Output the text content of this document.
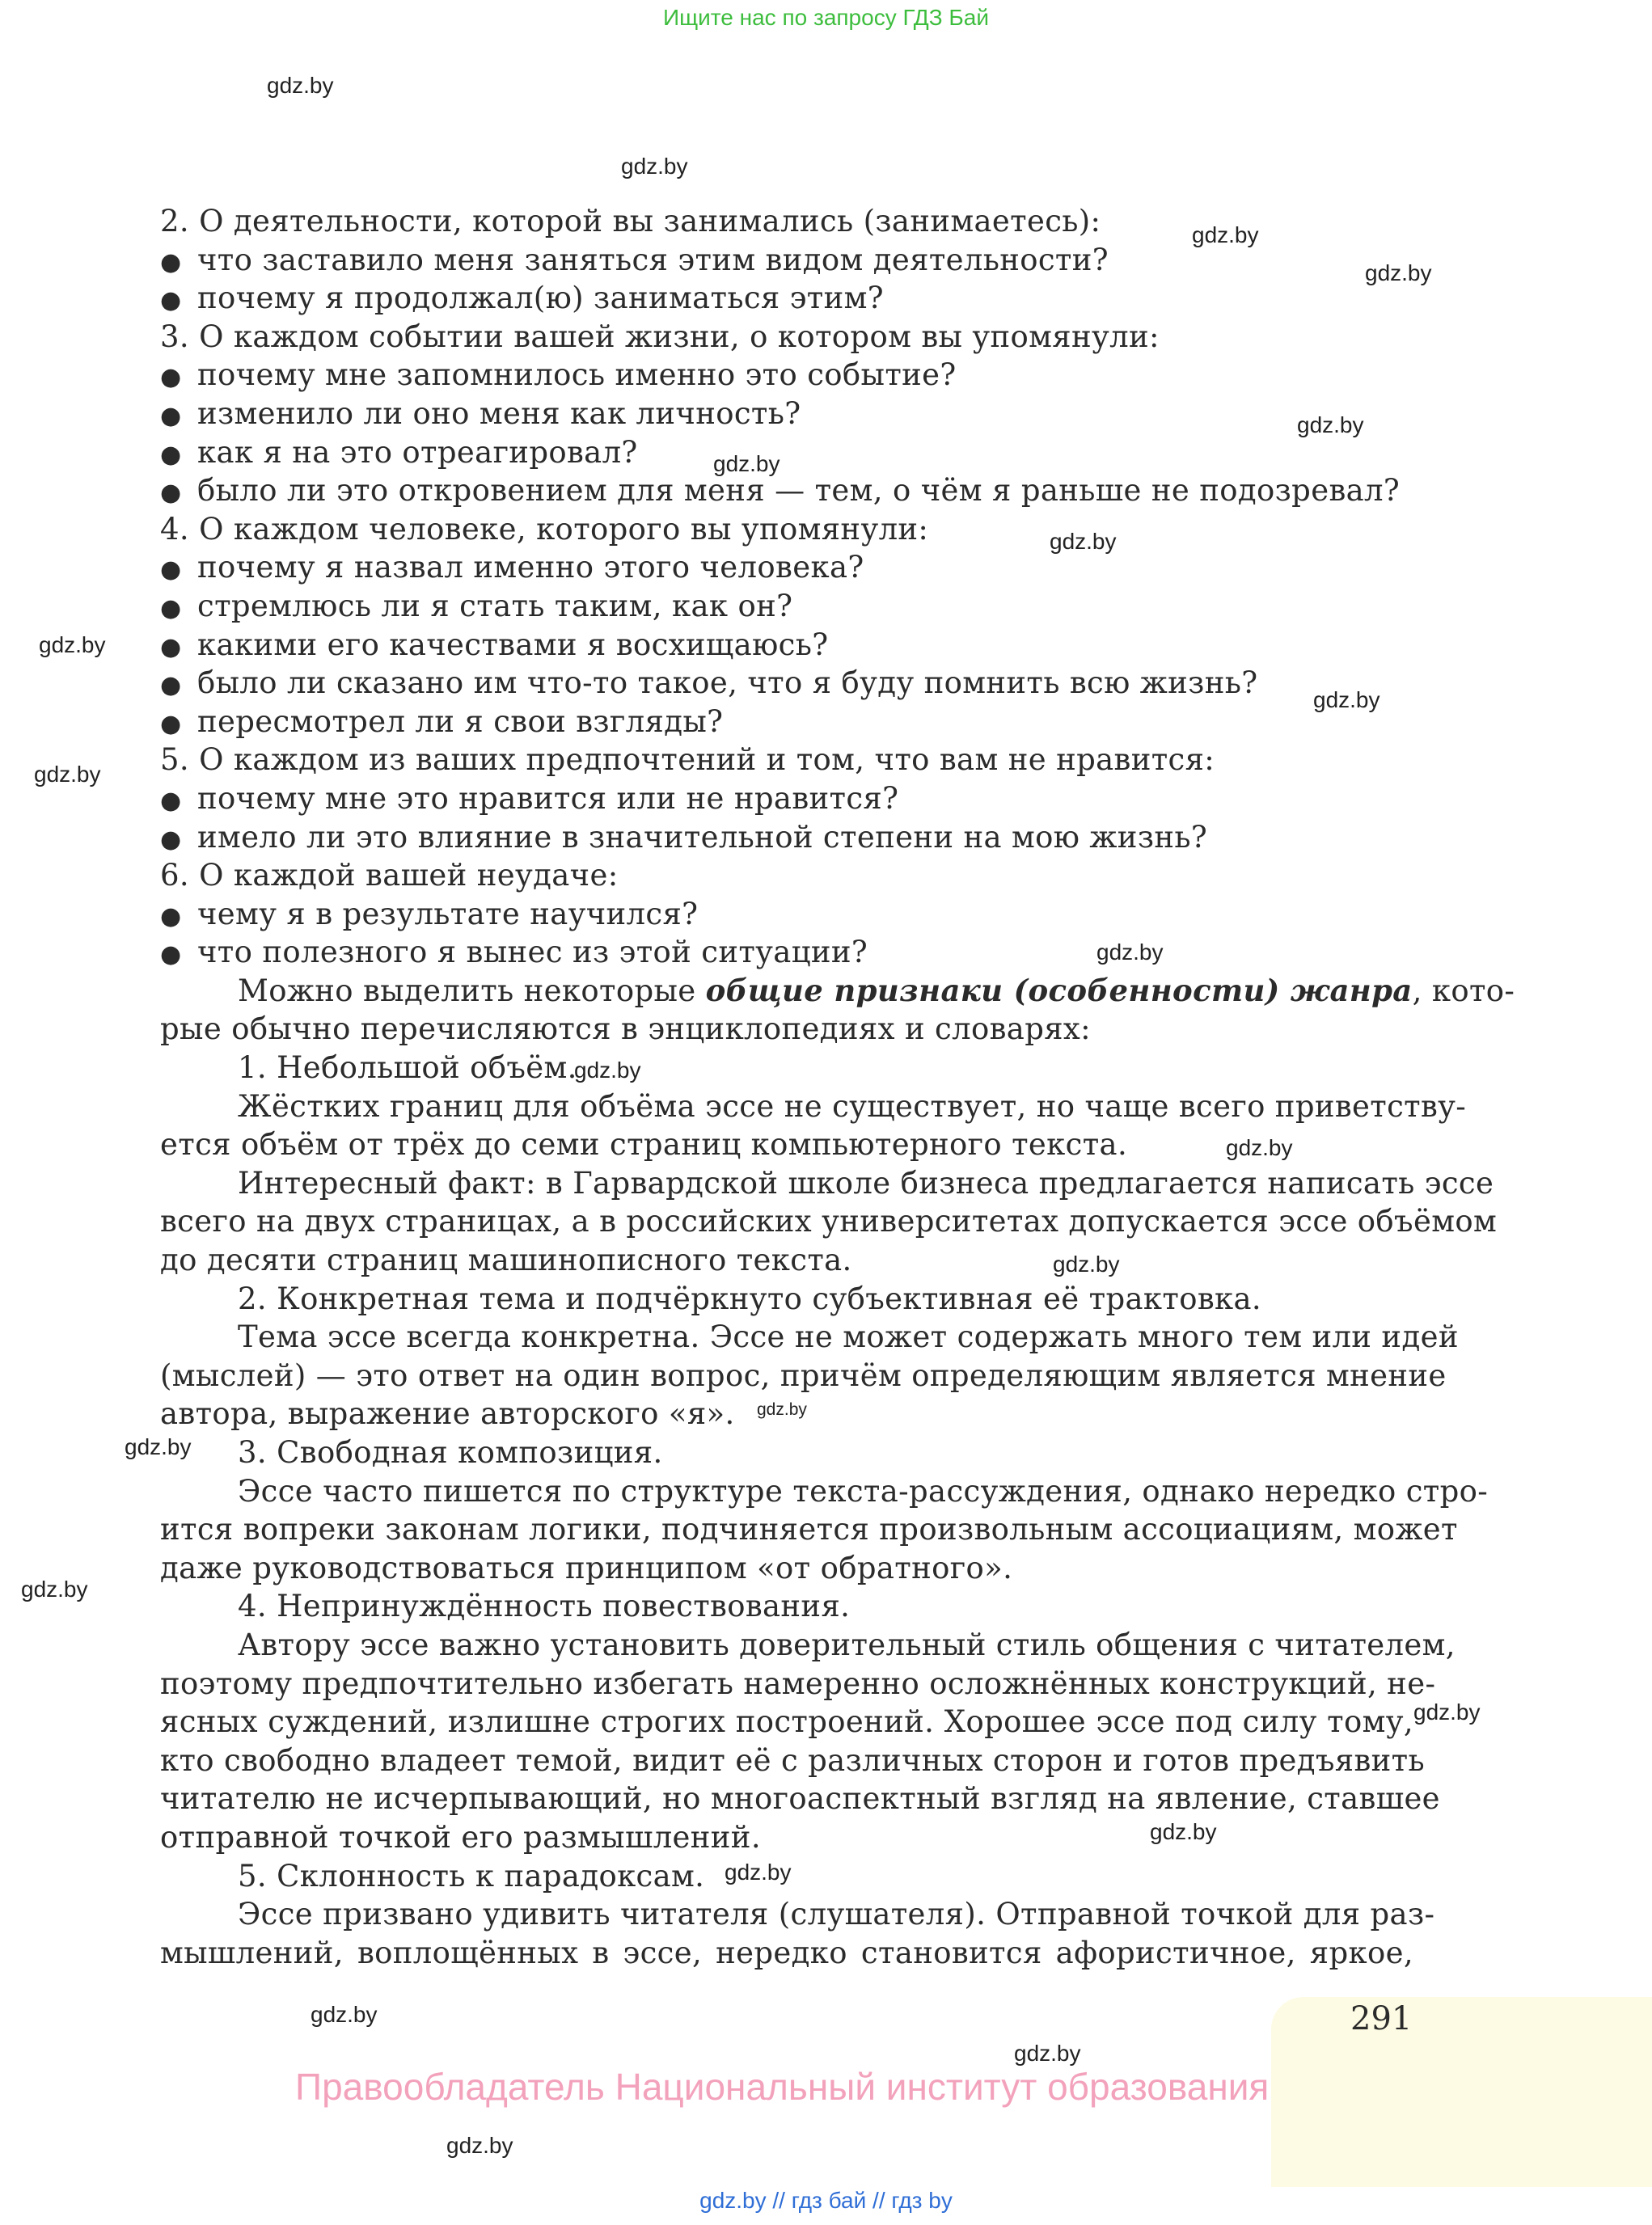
Ищите нас по запросу ГДЗ Бай
gdz.by
gdz.by
gdz.by
gdz.by
gdz.by
gdz.by
gdz.by
gdz.by
gdz.by
gdz.by
gdz.by
gdz.by
gdz.by
gdz.by
gdz.by
gdz.by
gdz.by
gdz.by
gdz.by
gdz.by
gdz.by
gdz.by
gdz.by
2. О деятельности, которой вы занимались (занимаетесь):
● что заставило меня заняться этим видом деятельности?
● почему я продолжал(ю) заниматься этим?
3. О каждом событии вашей жизни, о котором вы упомянули:
● почему мне запомнилось именно это событие?
● изменило ли оно меня как личность?
● как я на это отреагировал?
● было ли это откровением для меня — тем, о чём я раньше не подозревал?
4. О каждом человеке, которого вы упомянули:
● почему я назвал именно этого человека?
● стремлюсь ли я стать таким, как он?
● какими его качествами я восхищаюсь?
● было ли сказано им что-то такое, что я буду помнить всю жизнь?
● пересмотрел ли я свои взгляды?
5. О каждом из ваших предпочтений и том, что вам не нравится:
● почему мне это нравится или не нравится?
● имело ли это влияние в значительной степени на мою жизнь?
6. О каждой вашей неудаче:
● чему я в результате научился?
● что полезного я вынес из этой ситуации?
Можно выделить некоторые общие признаки (особенности) жанра, кото-
рые обычно перечисляются в энциклопедиях и словарях:
1. Небольшой объём.
Жёстких границ для объёма эссе не существует, но чаще всего приветству-
ется объём от трёх до семи страниц компьютерного текста.
Интересный факт: в Гарвардской школе бизнеса предлагается написать эссе
всего на двух страницах, а в российских университетах допускается эссе объёмом
до десяти страниц машинописного текста.
2. Конкретная тема и подчёркнуто субъективная её трактовка.
Тема эссе всегда конкретна. Эссе не может содержать много тем или идей
(мыслей) — это ответ на один вопрос, причём определяющим является мнение
автора, выражение авторского «я».
3. Свободная композиция.
Эссе часто пишется по структуре текста-рассуждения, однако нередко стро-
ится вопреки законам логики, подчиняется произвольным ассоциациям, может
даже руководствоваться принципом «от обратного».
4. Непринуждённость повествования.
Автору эссе важно установить доверительный стиль общения с читателем,
поэтому предпочтительно избегать намеренно осложнённых конструкций, не-
ясных суждений, излишне строгих построений. Хорошее эссе под силу тому,
кто свободно владеет темой, видит её с различных сторон и готов предъявить
читателю не исчерпывающий, но многоаспектный взгляд на явление, ставшее
отправной точкой его размышлений.
5. Склонность к парадоксам.
Эссе призвано удивить читателя (слушателя). Отправной точкой для раз-
мышлений, воплощённых в эссе, нередко становится афористичное, яркое,
291
Правообладатель Национальный институт образования
gdz.by // гдз бай // гдз by
